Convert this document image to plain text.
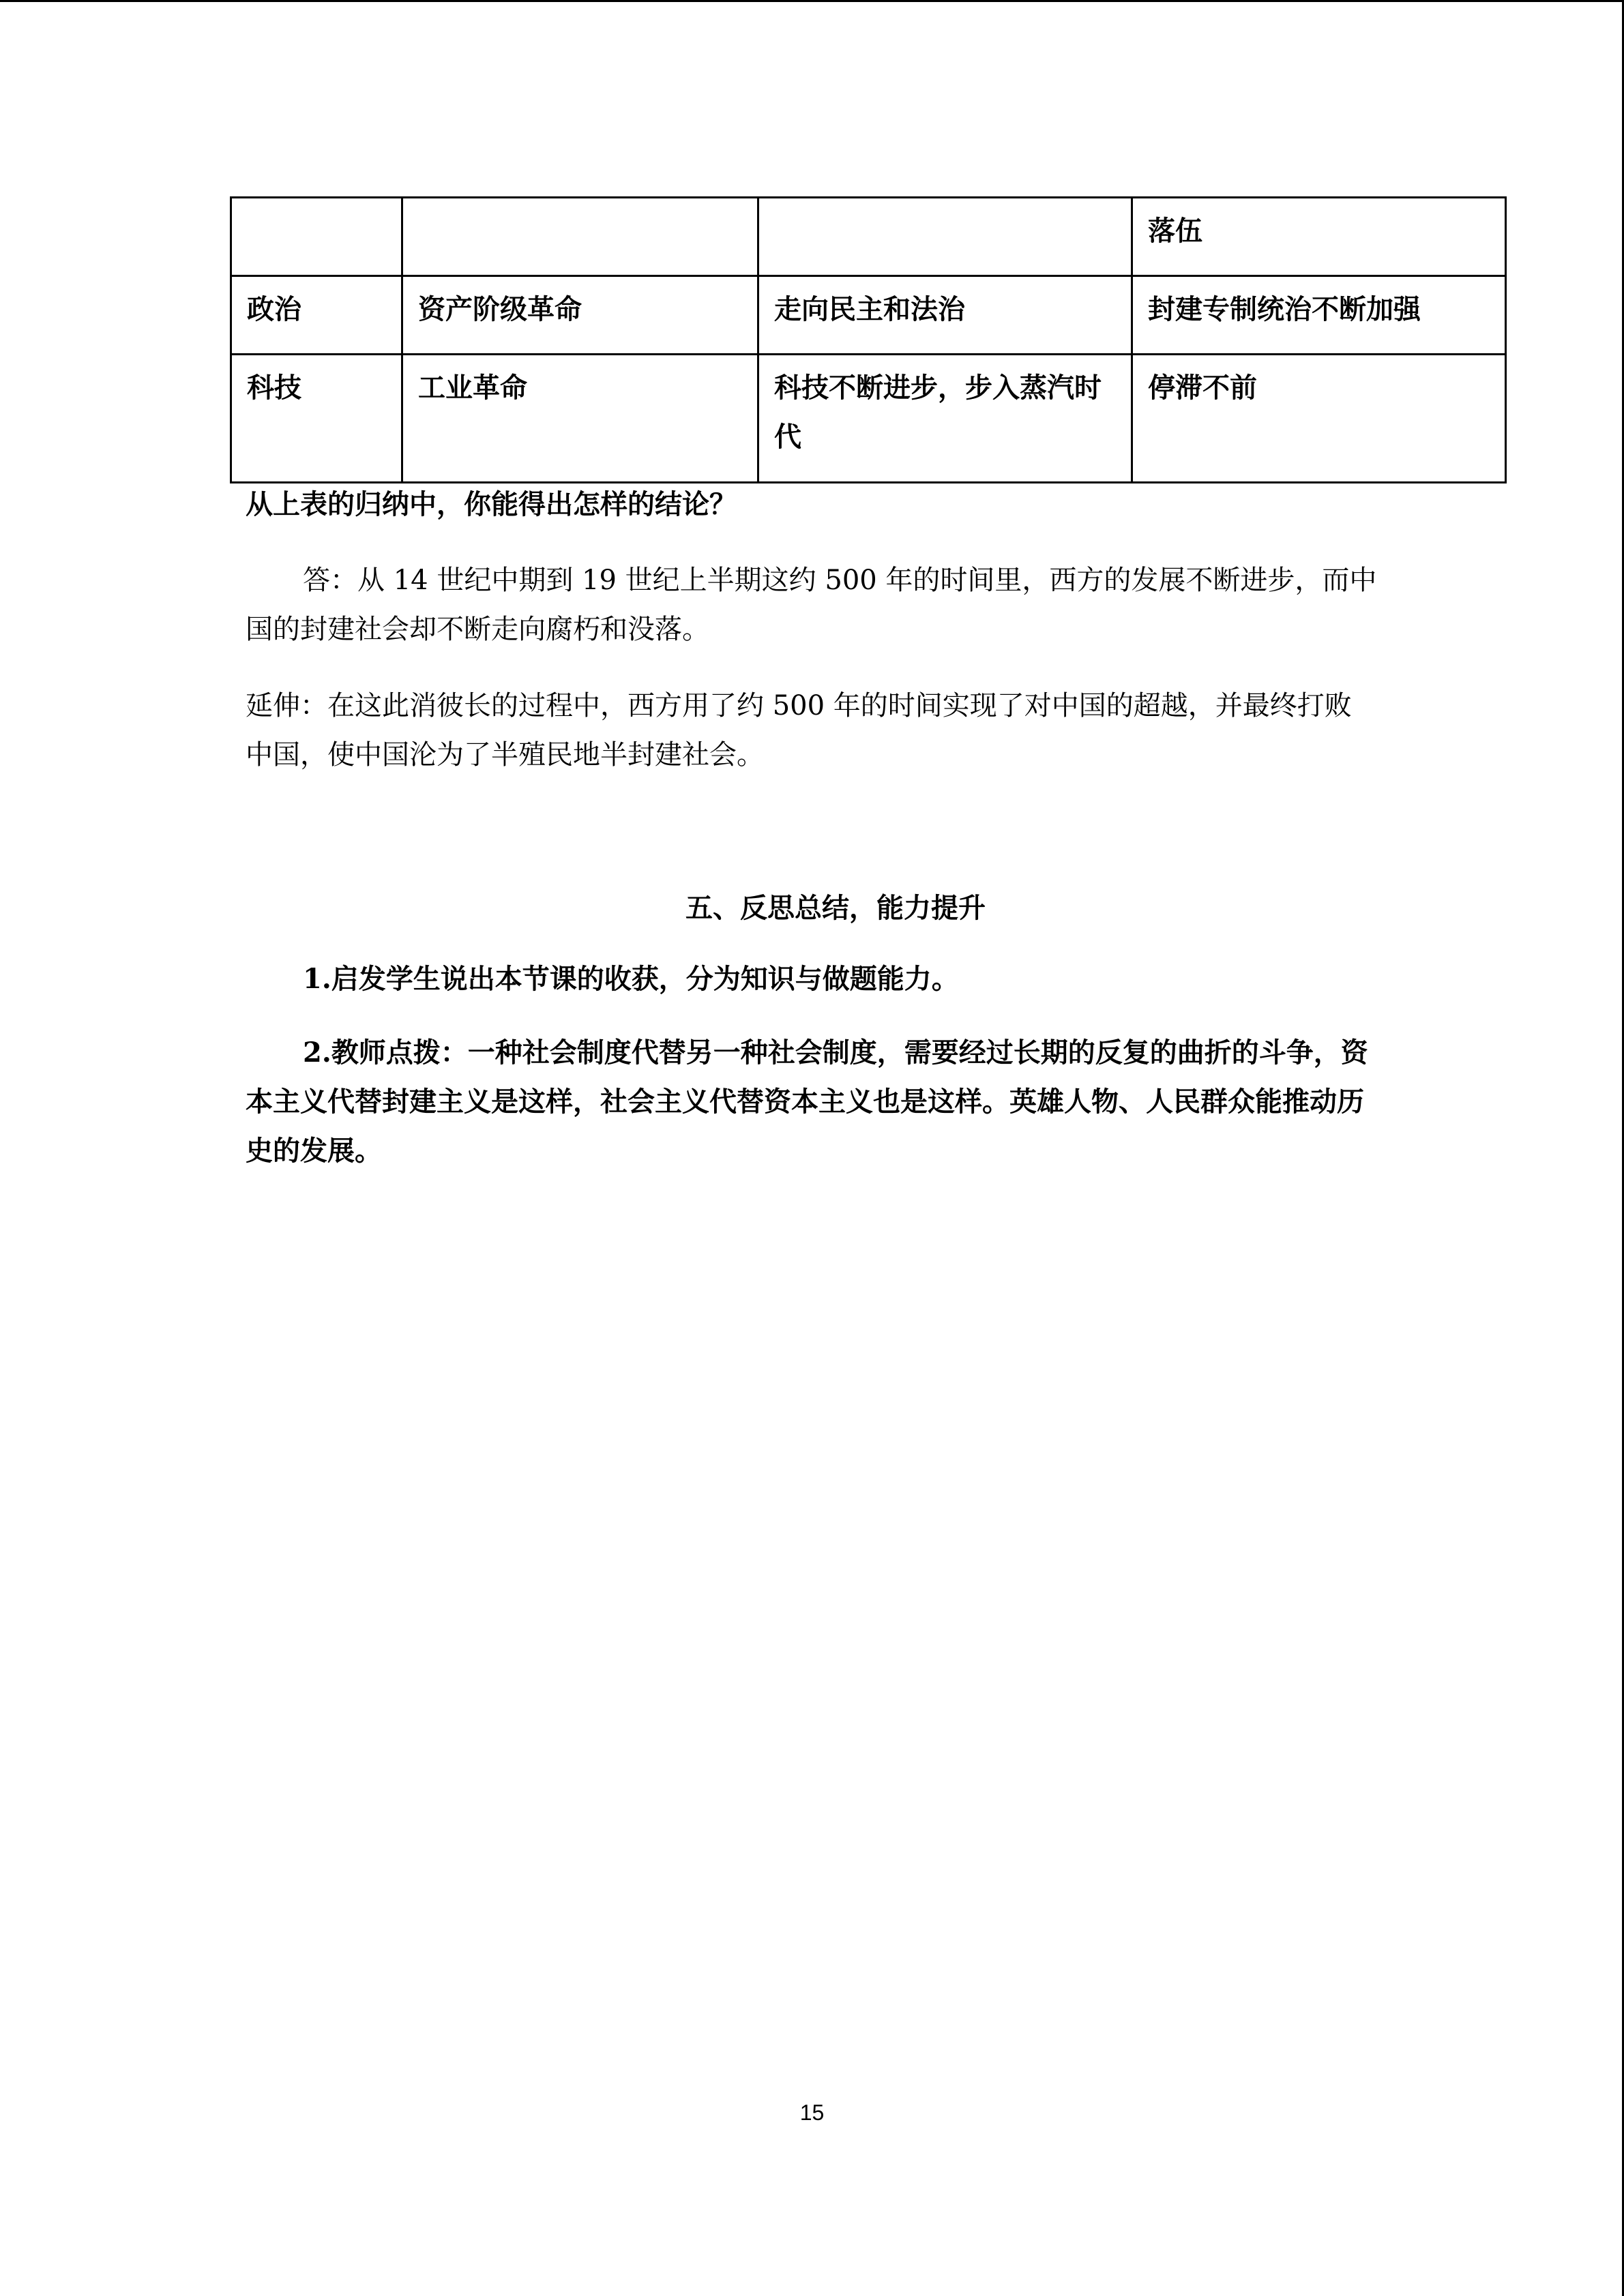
			落伍
政治	资产阶级革命	走向民主和法治	封建专制统治不断加强
科技	工业革命	科技不断进步，步入蒸汽时代	停滞不前

从上表的归纳中，你能得出怎样的结论？

答：从 14 世纪中期到 19 世纪上半期这约 500 年的时间里，西方的发展不断进步，而中国的封建社会却不断走向腐朽和没落。

延伸：在这此消彼长的过程中，西方用了约 500 年的时间实现了对中国的超越，并最终打败中国，使中国沦为了半殖民地半封建社会。

五、反思总结，能力提升

1.启发学生说出本节课的收获，分为知识与做题能力。

2.教师点拨：一种社会制度代替另一种社会制度，需要经过长期的反复的曲折的斗争，资本主义代替封建主义是这样，社会主义代替资本主义也是这样。英雄人物、人民群众能推动历史的发展。

15
